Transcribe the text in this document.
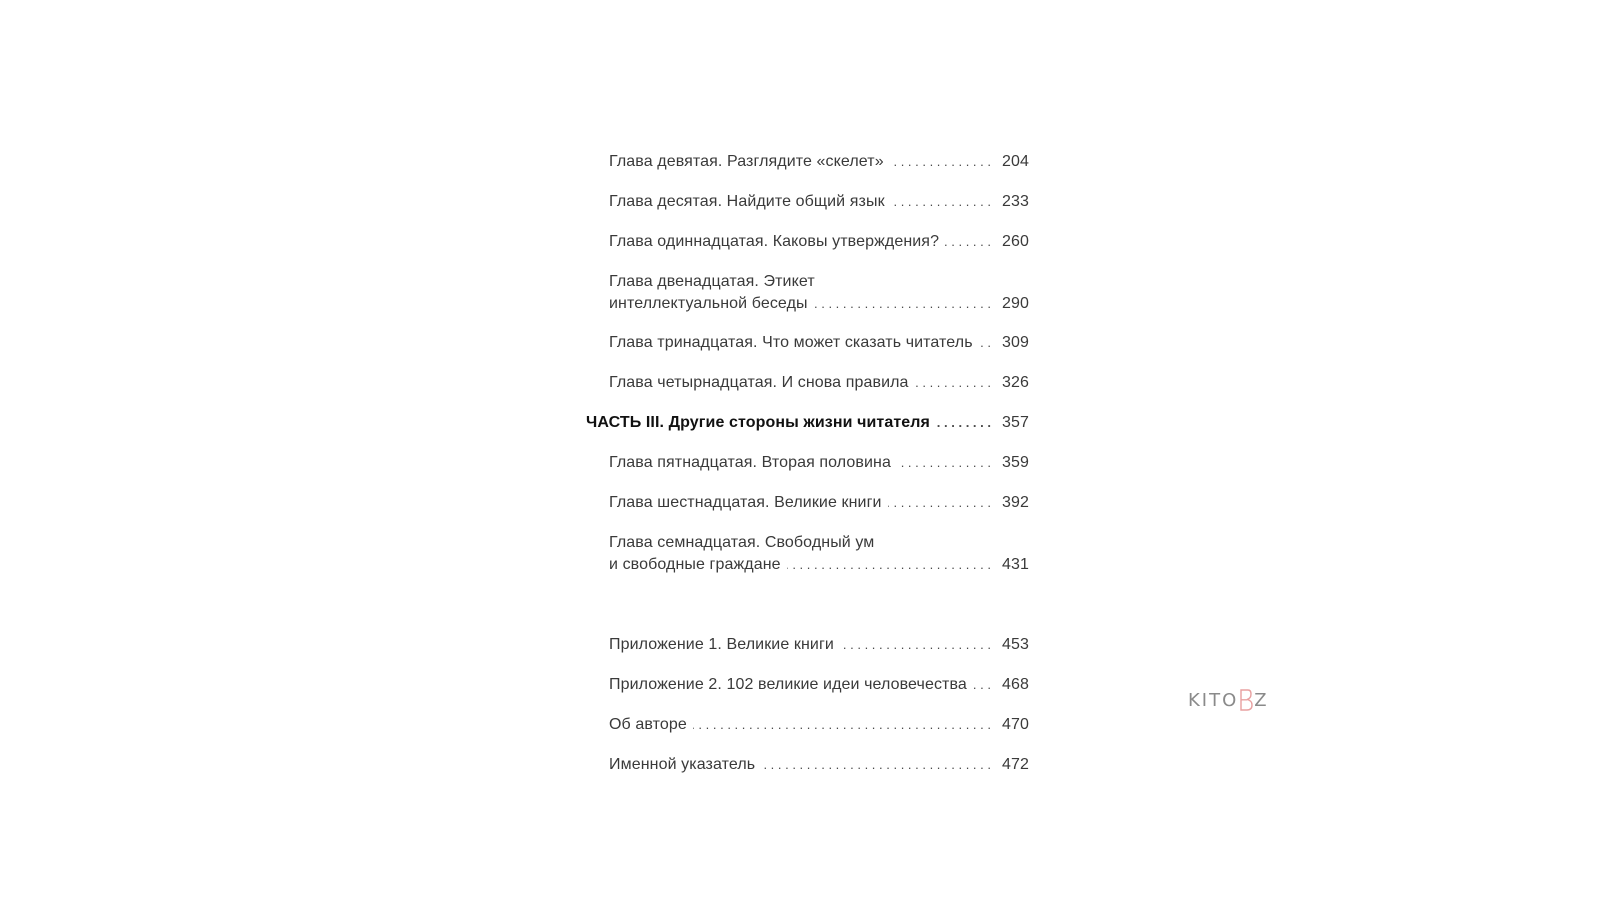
Глава девятая. Разглядите «скелет» . . .	204
Глава десятая. Найдите общий язык . . .	233
Глава одиннадцатая. Каковы утверждения? . . .	260
Глава двенадцатая. Этикет
интеллектуальной беседы . . .	290
Глава тринадцатая. Что может сказать читатель . . .	309
Глава четырнадцатая. И снова правила . . .	326
ЧАСТЬ III. Другие стороны жизни читателя . . .	357
Глава пятнадцатая. Вторая половина . . .	359
Глава шестнадцатая. Великие книги . . .	392
Глава семнадцатая. Свободный ум
и свободные граждане . . .	431
Приложение 1. Великие книги . . .	453
Приложение 2. 102 великие идеи человечества . . .	468
Об авторе . . .	470
Именной указатель . . .	472
KITO Z
